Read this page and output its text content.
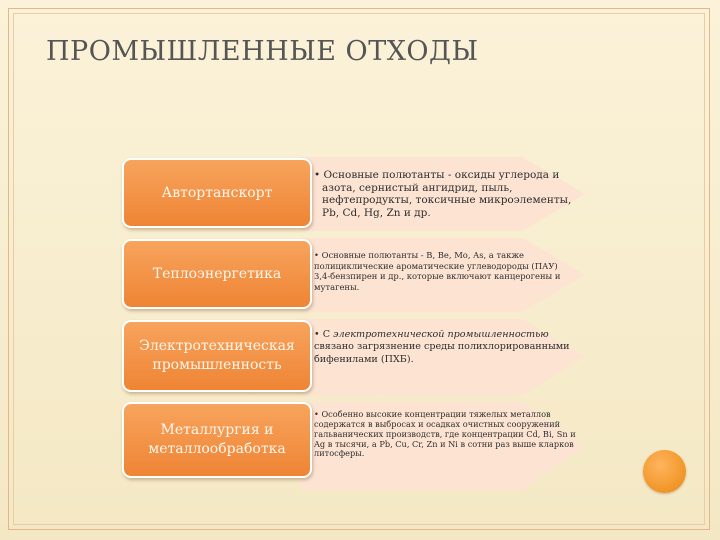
ПРОМЫШЛЕННЫЕ ОТХОДЫ
Автортанскорт
• Основные полютанты - оксиды углерода и азота, сернистый ангидрид, пыль, нефтепродукты, токсичные микроэлементы, Pb, Cd, Hg, Zn и др.
Теплоэнергетика
• Основные полютанты - В, Be, Mo, As, а также полициклические ароматические углеводороды (ПАУ) 3,4-бензпирен и др., которые включают канцерогены и мутагены.
Электротехническая промышленность
• С электротехнической промышленностью связано загрязнение среды полихлорированными бифенилами (ПХБ).
Металлургия и металлообработка
• Особенно высокие концентрации тяжелых металлов содержатся в выбросах и осадках очистных сооружений гальванических производств, где концентрации Cd, Bi, Sn и Ag в тысячи, а Pb, Cu, Cr, Zn и Ni в сотни раз выше кларков литосферы.
